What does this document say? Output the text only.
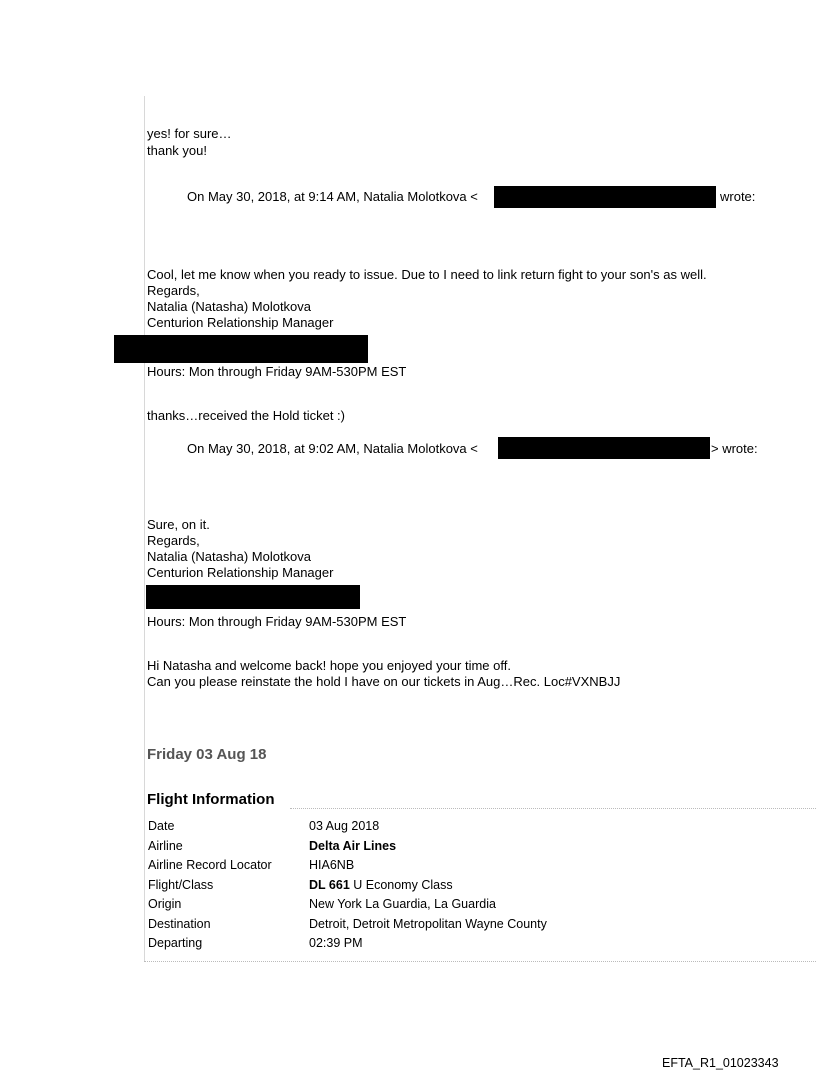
yes! for sure…
thank you!
On May 30, 2018, at 9:14 AM, Natalia Molotkova <	wrote:
Cool, let me know when you ready to issue. Due to I need to link return fight to your son's as well.
Regards,
Natalia (Natasha) Molotkova
Centurion Relationship Manager
Hours: Mon through Friday 9AM-530PM EST
thanks…received the Hold ticket :)
On May 30, 2018, at 9:02 AM, Natalia Molotkova <	> wrote:
Sure, on it.
Regards,
Natalia (Natasha) Molotkova
Centurion Relationship Manager
Hours: Mon through Friday 9AM-530PM EST
Hi Natasha and welcome back! hope you enjoyed your time off.
Can you please reinstate the hold I have on our tickets in Aug…Rec. Loc#VXNBJJ
Friday 03 Aug 18
Flight Information
Date	03 Aug 2018
Airline	Delta Air Lines
Airline Record Locator	HIA6NB
Flight/Class	DL 661 U Economy Class
Origin	New York La Guardia, La Guardia
Destination	Detroit, Detroit Metropolitan Wayne County
Departing	02:39 PM
EFTA_R1_01023343
